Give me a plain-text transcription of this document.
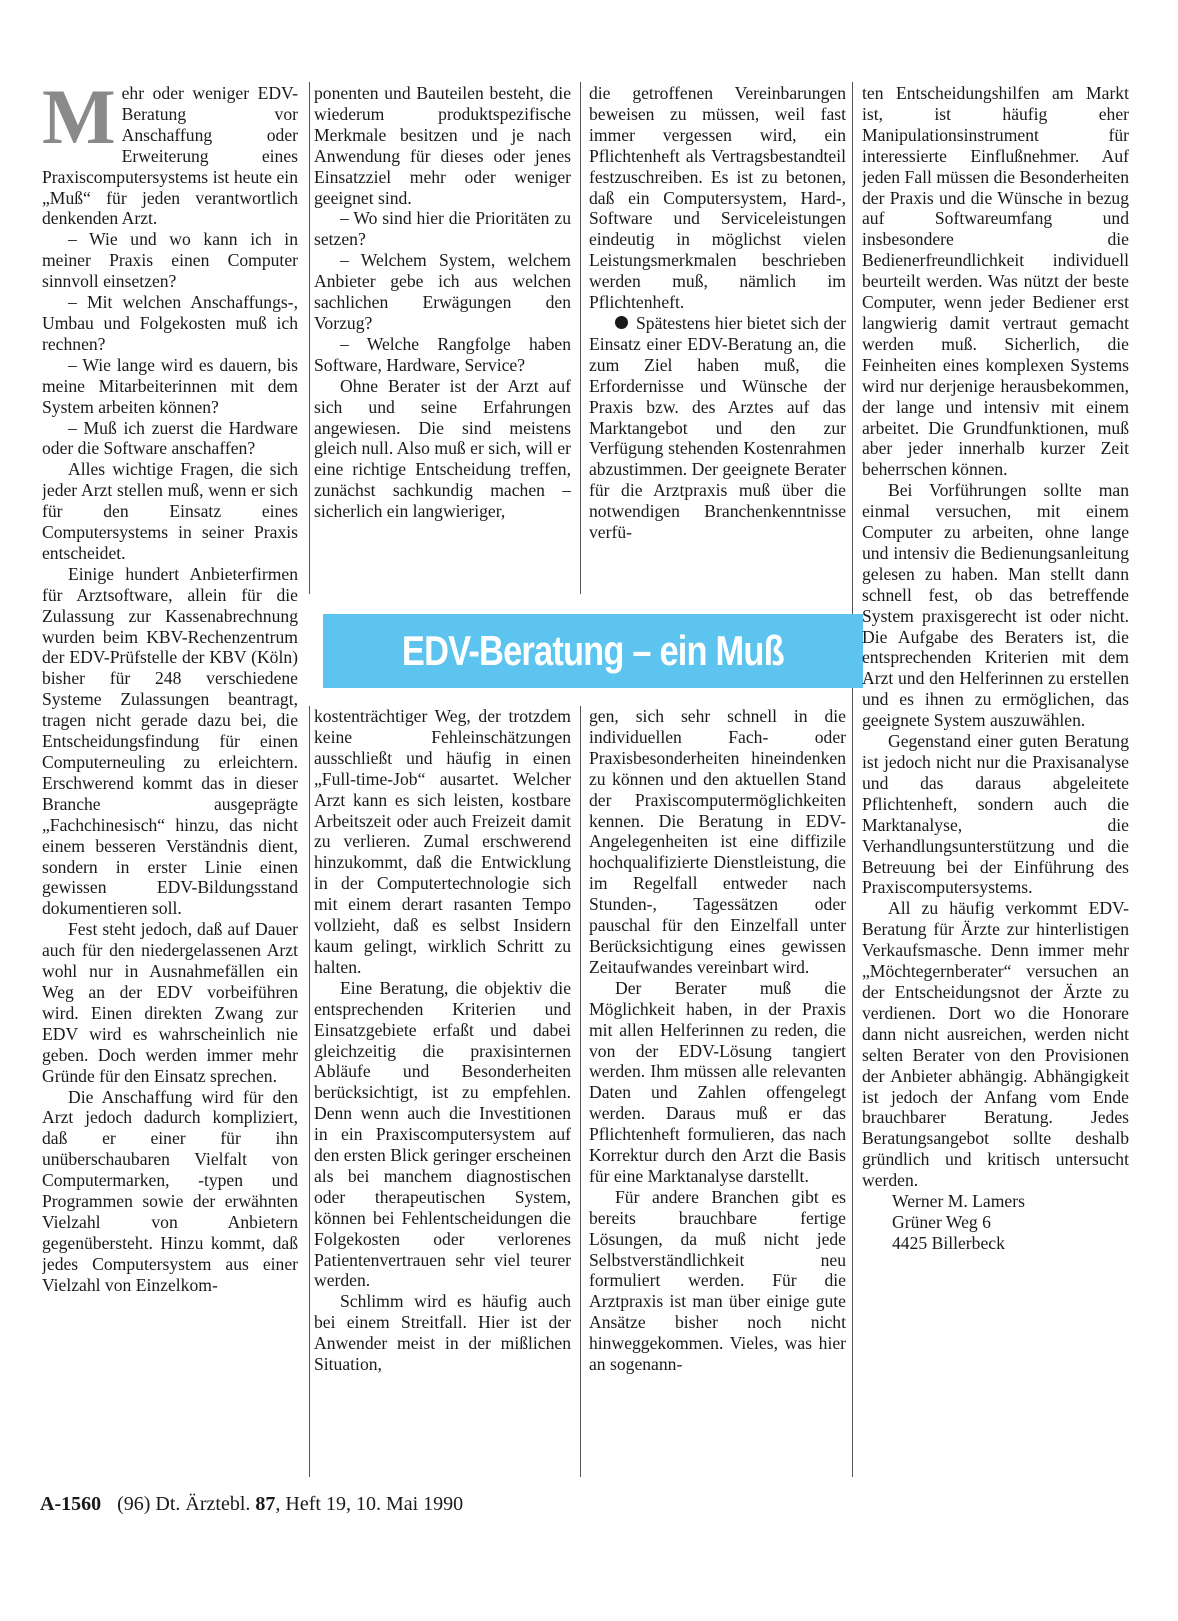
Mehr oder weniger EDV-Beratung vor Anschaffung oder Erweiterung eines Praxiscomputersystems ist heute ein „Muß“ für jeden verantwortlich denkenden Arzt.

– Wie und wo kann ich in meiner Praxis einen Computer sinnvoll einsetzen?

– Mit welchen Anschaffungs-, Umbau und Folgekosten muß ich rechnen?

– Wie lange wird es dauern, bis meine Mitarbeiterinnen mit dem System arbeiten können?

– Muß ich zuerst die Hardware oder die Software anschaffen?

Alles wichtige Fragen, die sich jeder Arzt stellen muß, wenn er sich für den Einsatz eines Computersystems in seiner Praxis entscheidet.

Einige hundert Anbieterfirmen für Arztsoftware, allein für die Zulassung zur Kassenabrechnung wurden beim KBV-Rechenzentrum der EDV-Prüfstelle der KBV (Köln) bisher für 248 verschiedene Systeme Zulassungen beantragt, tragen nicht gerade dazu bei, die Entscheidungsfindung für einen Computerneuling zu erleichtern. Erschwerend kommt das in dieser Branche ausgeprägte „Fachchinesisch“ hinzu, das nicht einem besseren Verständnis dient, sondern in erster Linie einen gewissen EDV-Bildungsstand dokumentieren soll.

Fest steht jedoch, daß auf Dauer auch für den niedergelassenen Arzt wohl nur in Ausnahmefällen ein Weg an der EDV vorbeiführen wird. Einen direkten Zwang zur EDV wird es wahrscheinlich nie geben. Doch werden immer mehr Gründe für den Einsatz sprechen.

Die Anschaffung wird für den Arzt jedoch dadurch kompliziert, daß er einer für ihn unüberschaubaren Vielfalt von Computermarken, -typen und Programmen sowie der erwähnten Vielzahl von Anbietern gegenübersteht. Hinzu kommt, daß jedes Computersystem aus einer Vielzahl von Einzelkom-

ponenten und Bauteilen besteht, die wiederum produktspezifische Merkmale besitzen und je nach Anwendung für dieses oder jenes Einsatzziel mehr oder weniger geeignet sind.

– Wo sind hier die Prioritäten zu setzen?

– Welchem System, welchem Anbieter gebe ich aus welchen sachlichen Erwägungen den Vorzug?

– Welche Rangfolge haben Software, Hardware, Service?

Ohne Berater ist der Arzt auf sich und seine Erfahrungen angewiesen. Die sind meistens gleich null. Also muß er sich, will er eine richtige Entscheidung treffen, zunächst sachkundig machen – sicherlich ein langwieriger,

die getroffenen Vereinbarungen beweisen zu müssen, weil fast immer vergessen wird, ein Pflichtenheft als Vertragsbestandteil festzuschreiben. Es ist zu betonen, daß ein Computersystem, Hard-, Software und Serviceleistungen eindeutig in möglichst vielen Leistungsmerkmalen beschrieben werden muß, nämlich im Pflichtenheft.

Spätestens hier bietet sich der Einsatz einer EDV-Beratung an, die zum Ziel haben muß, die Erfordernisse und Wünsche der Praxis bzw. des Arztes auf das Marktangebot und den zur Verfügung stehenden Kostenrahmen abzustimmen. Der geeignete Berater für die Arztpraxis muß über die notwendigen Branchenkenntnisse verfü-

EDV-Beratung – ein Muß

kostenträchtiger Weg, der trotzdem keine Fehleinschätzungen ausschließt und häufig in einen „Full-time-Job“ ausartet. Welcher Arzt kann es sich leisten, kostbare Arbeitszeit oder auch Freizeit damit zu verlieren. Zumal erschwerend hinzukommt, daß die Entwicklung in der Computertechnologie sich mit einem derart rasanten Tempo vollzieht, daß es selbst Insidern kaum gelingt, wirklich Schritt zu halten.

Eine Beratung, die objektiv die entsprechenden Kriterien und Einsatzgebiete erfaßt und dabei gleichzeitig die praxisinternen Abläufe und Besonderheiten berücksichtigt, ist zu empfehlen. Denn wenn auch die Investitionen in ein Praxiscomputersystem auf den ersten Blick geringer erscheinen als bei manchem diagnostischen oder therapeutischen System, können bei Fehlentscheidungen die Folgekosten oder verlorenes Patientenvertrauen sehr viel teurer werden.

Schlimm wird es häufig auch bei einem Streitfall. Hier ist der Anwender meist in der mißlichen Situation,

gen, sich sehr schnell in die individuellen Fach- oder Praxisbesonderheiten hineindenken zu können und den aktuellen Stand der Praxiscomputermöglichkeiten kennen. Die Beratung in EDV-Angelegenheiten ist eine diffizile hochqualifizierte Dienstleistung, die im Regelfall entweder nach Stunden-, Tagessätzen oder pauschal für den Einzelfall unter Berücksichtigung eines gewissen Zeitaufwandes vereinbart wird.

Der Berater muß die Möglichkeit haben, in der Praxis mit allen Helferinnen zu reden, die von der EDV-Lösung tangiert werden. Ihm müssen alle relevanten Daten und Zahlen offengelegt werden. Daraus muß er das Pflichtenheft formulieren, das nach Korrektur durch den Arzt die Basis für eine Marktanalyse darstellt.

Für andere Branchen gibt es bereits brauchbare fertige Lösungen, da muß nicht jede Selbstverständlichkeit neu formuliert werden. Für die Arztpraxis ist man über einige gute Ansätze bisher noch nicht hinweggekommen. Vieles, was hier an sogenann-

ten Entscheidungshilfen am Markt ist, ist häufig eher Manipulationsinstrument für interessierte Einflußnehmer. Auf jeden Fall müssen die Besonderheiten der Praxis und die Wünsche in bezug auf Softwareumfang und insbesondere die Bedienerfreundlichkeit individuell beurteilt werden. Was nützt der beste Computer, wenn jeder Bediener erst langwierig damit vertraut gemacht werden muß. Sicherlich, die Feinheiten eines komplexen Systems wird nur derjenige herausbekommen, der lange und intensiv mit einem arbeitet. Die Grundfunktionen, muß aber jeder innerhalb kurzer Zeit beherrschen können.

Bei Vorführungen sollte man einmal versuchen, mit einem Computer zu arbeiten, ohne lange und intensiv die Bedienungsanleitung gelesen zu haben. Man stellt dann schnell fest, ob das betreffende System praxisgerecht ist oder nicht. Die Aufgabe des Beraters ist, die entsprechenden Kriterien mit dem Arzt und den Helferinnen zu erstellen und es ihnen zu ermöglichen, das geeignete System auszuwählen.

Gegenstand einer guten Beratung ist jedoch nicht nur die Praxisanalyse und das daraus abgeleitete Pflichtenheft, sondern auch die Marktanalyse, die Verhandlungsunterstützung und die Betreuung bei der Einführung des Praxiscomputersystems.

All zu häufig verkommt EDV-Beratung für Ärzte zur hinterlistigen Verkaufsmasche. Denn immer mehr „Möchtegernberater“ versuchen an der Entscheidungsnot der Ärzte zu verdienen. Dort wo die Honorare dann nicht ausreichen, werden nicht selten Berater von den Provisionen der Anbieter abhängig. Abhängigkeit ist jedoch der Anfang vom Ende brauchbarer Beratung. Jedes Beratungsangebot sollte deshalb gründlich und kritisch untersucht werden.

Werner M. Lamers

Grüner Weg 6

4425 Billerbeck

A-1560 (96) Dt. Ärztebl. 87, Heft 19, 10. Mai 1990
